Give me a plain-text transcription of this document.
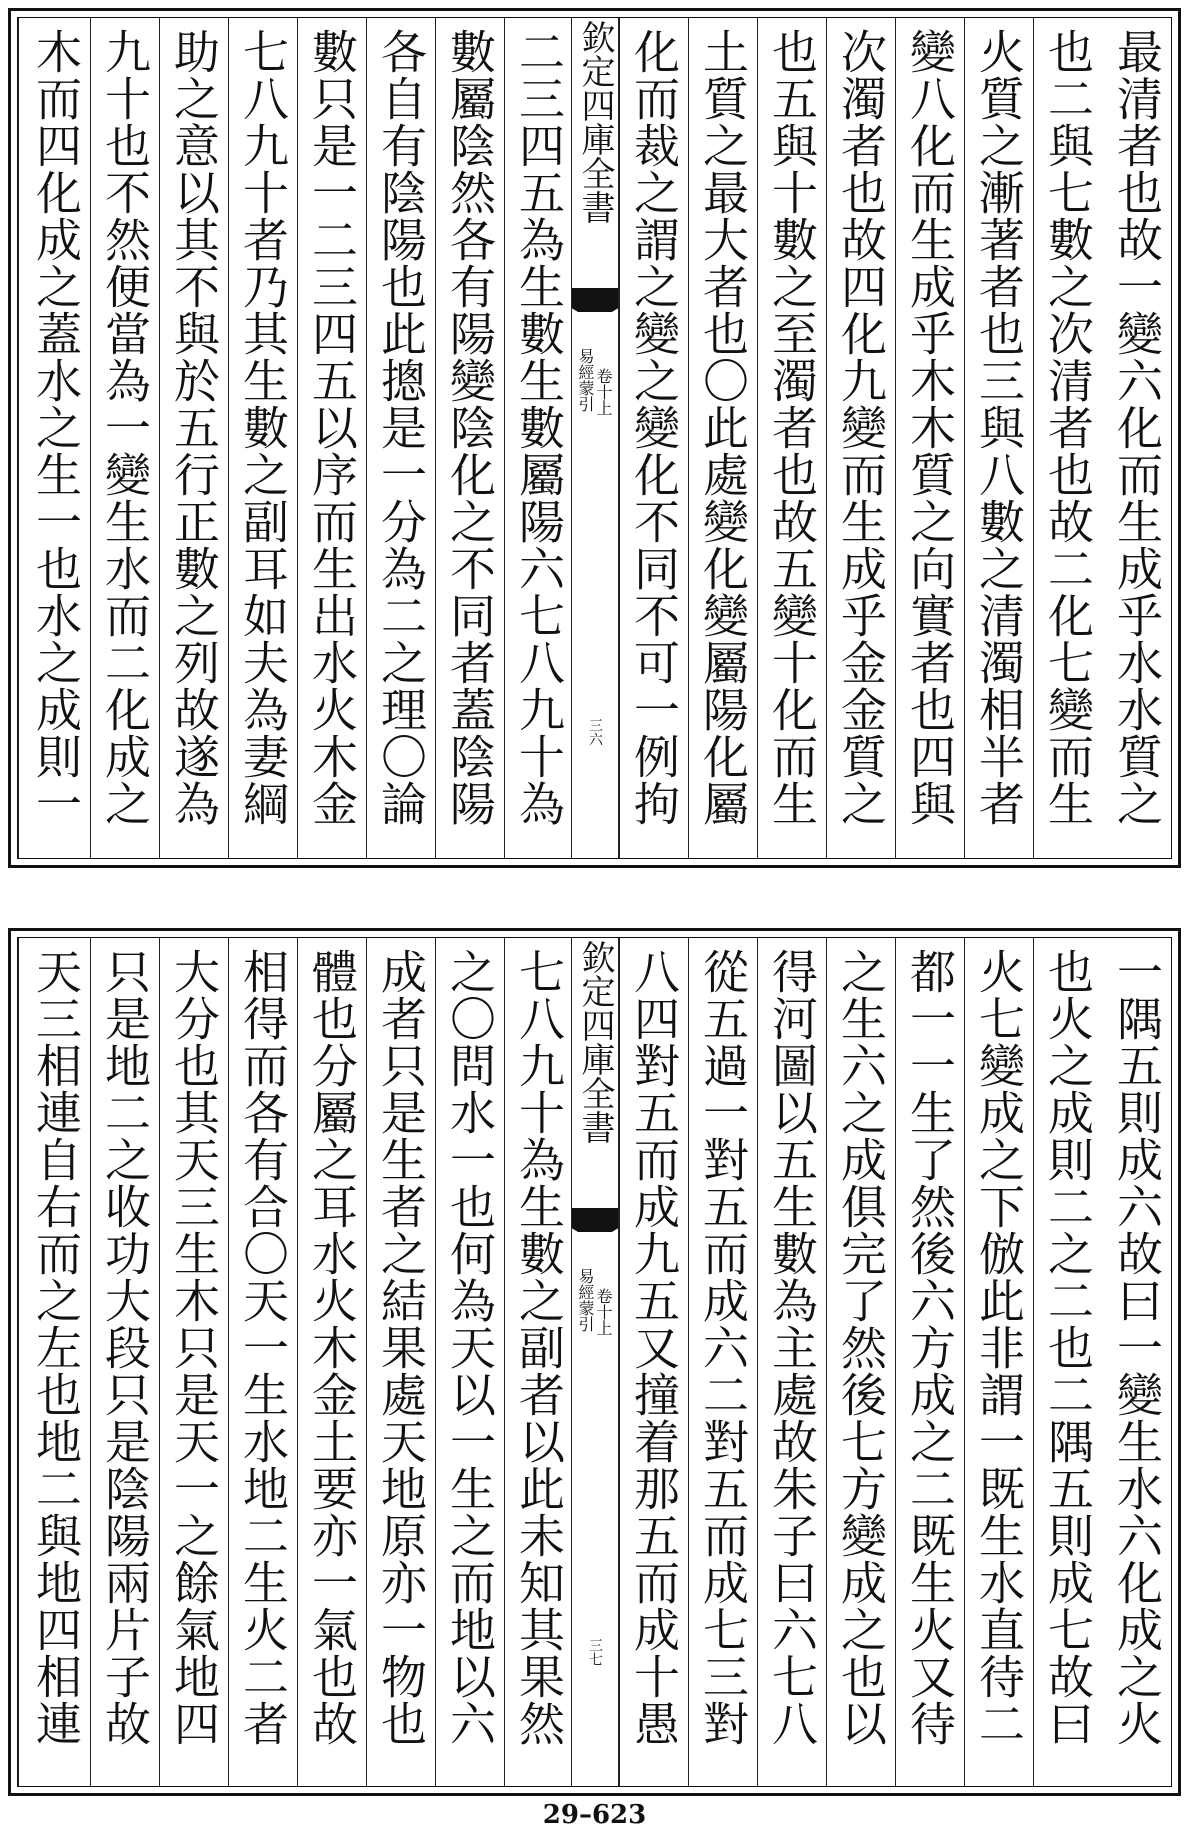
最清者也故一變六化而生成乎水水質之
也二與七數之次清者也故二化七變而生
火質之漸著者也三與八數之清濁相半者
變八化而生成乎木木質之向實者也四與
次濁者也故四化九變而生成乎金金質之
也五與十數之至濁者也故五變十化而生
土質之最大者也〇此處變化變屬陽化屬
化而裁之謂之變之變化不同不可一例拘
欽定四庫全書
易經蒙引 卷十上
三六
二三四五為生數生數屬陽六七八九十為
數屬陰然各有陽變陰化之不同者蓋陰陽
各自有陰陽也此摠是一分為二之理〇論
數只是一二三四五以序而生出水火木金
七八九十者乃其生數之副耳如夫為妻綱
助之意以其不與於五行正數之列故遂為
九十也不然便當為一變生水而二化成之
木而四化成之蓋水之生一也水之成則一
一隅五則成六故曰一變生水六化成之火
也火之成則二之二也二隅五則成七故曰
火七變成之下倣此非謂一既生水直待二
都一一生了然後六方成之二既生火又待
之生六之成俱完了然後七方變成之也以
得河圖以五生數為主處故朱子曰六七八
從五過一對五而成六二對五而成七三對
八四對五而成九五又撞着那五而成十愚
欽定四庫全書
易經蒙引 卷十上
三七
七八九十為生數之副者以此未知其果然
之〇問水一也何為天以一生之而地以六
成者只是生者之結果處天地原亦一物也
體也分屬之耳水火木金土要亦一氣也故
相得而各有合〇天一生水地二生火二者
大分也其天三生木只是天一之餘氣地四
只是地二之收功大段只是陰陽兩片子故
天三相連自右而之左也地二與地四相連
29–623
